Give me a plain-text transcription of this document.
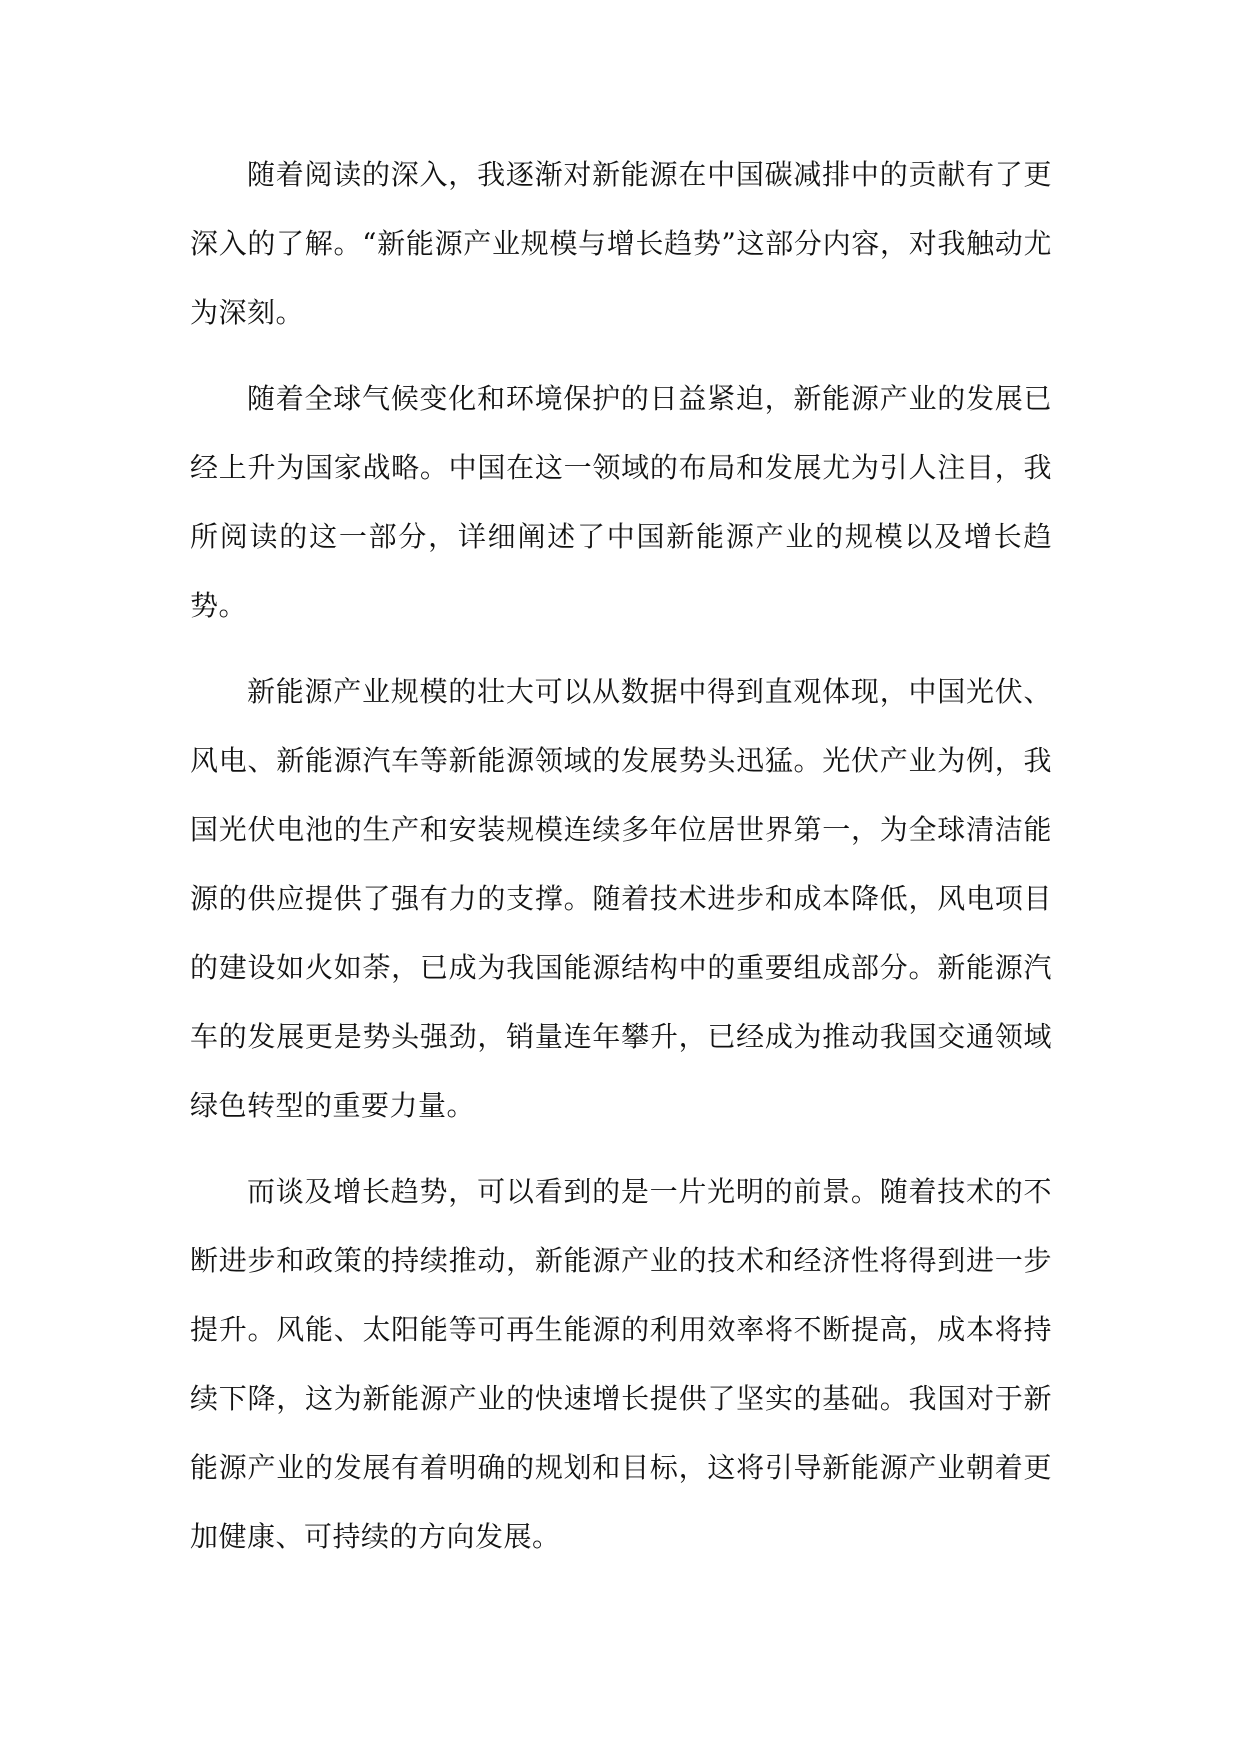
随着阅读的深入，我逐渐对新能源在中国碳减排中的贡献有了更深入的了解。“新能源产业规模与增长趋势”这部分内容，对我触动尤为深刻。

随着全球气候变化和环境保护的日益紧迫，新能源产业的发展已经上升为国家战略。中国在这一领域的布局和发展尤为引人注目，我所阅读的这一部分，详细阐述了中国新能源产业的规模以及增长趋势。

新能源产业规模的壮大可以从数据中得到直观体现，中国光伏、风电、新能源汽车等新能源领域的发展势头迅猛。光伏产业为例，我国光伏电池的生产和安装规模连续多年位居世界第一，为全球清洁能源的供应提供了强有力的支撑。随着技术进步和成本降低，风电项目的建设如火如荼，已成为我国能源结构中的重要组成部分。新能源汽车的发展更是势头强劲，销量连年攀升，已经成为推动我国交通领域绿色转型的重要力量。

而谈及增长趋势，可以看到的是一片光明的前景。随着技术的不断进步和政策的持续推动，新能源产业的技术和经济性将得到进一步提升。风能、太阳能等可再生能源的利用效率将不断提高，成本将持续下降，这为新能源产业的快速增长提供了坚实的基础。我国对于新能源产业的发展有着明确的规划和目标，这将引导新能源产业朝着更加健康、可持续的方向发展。
